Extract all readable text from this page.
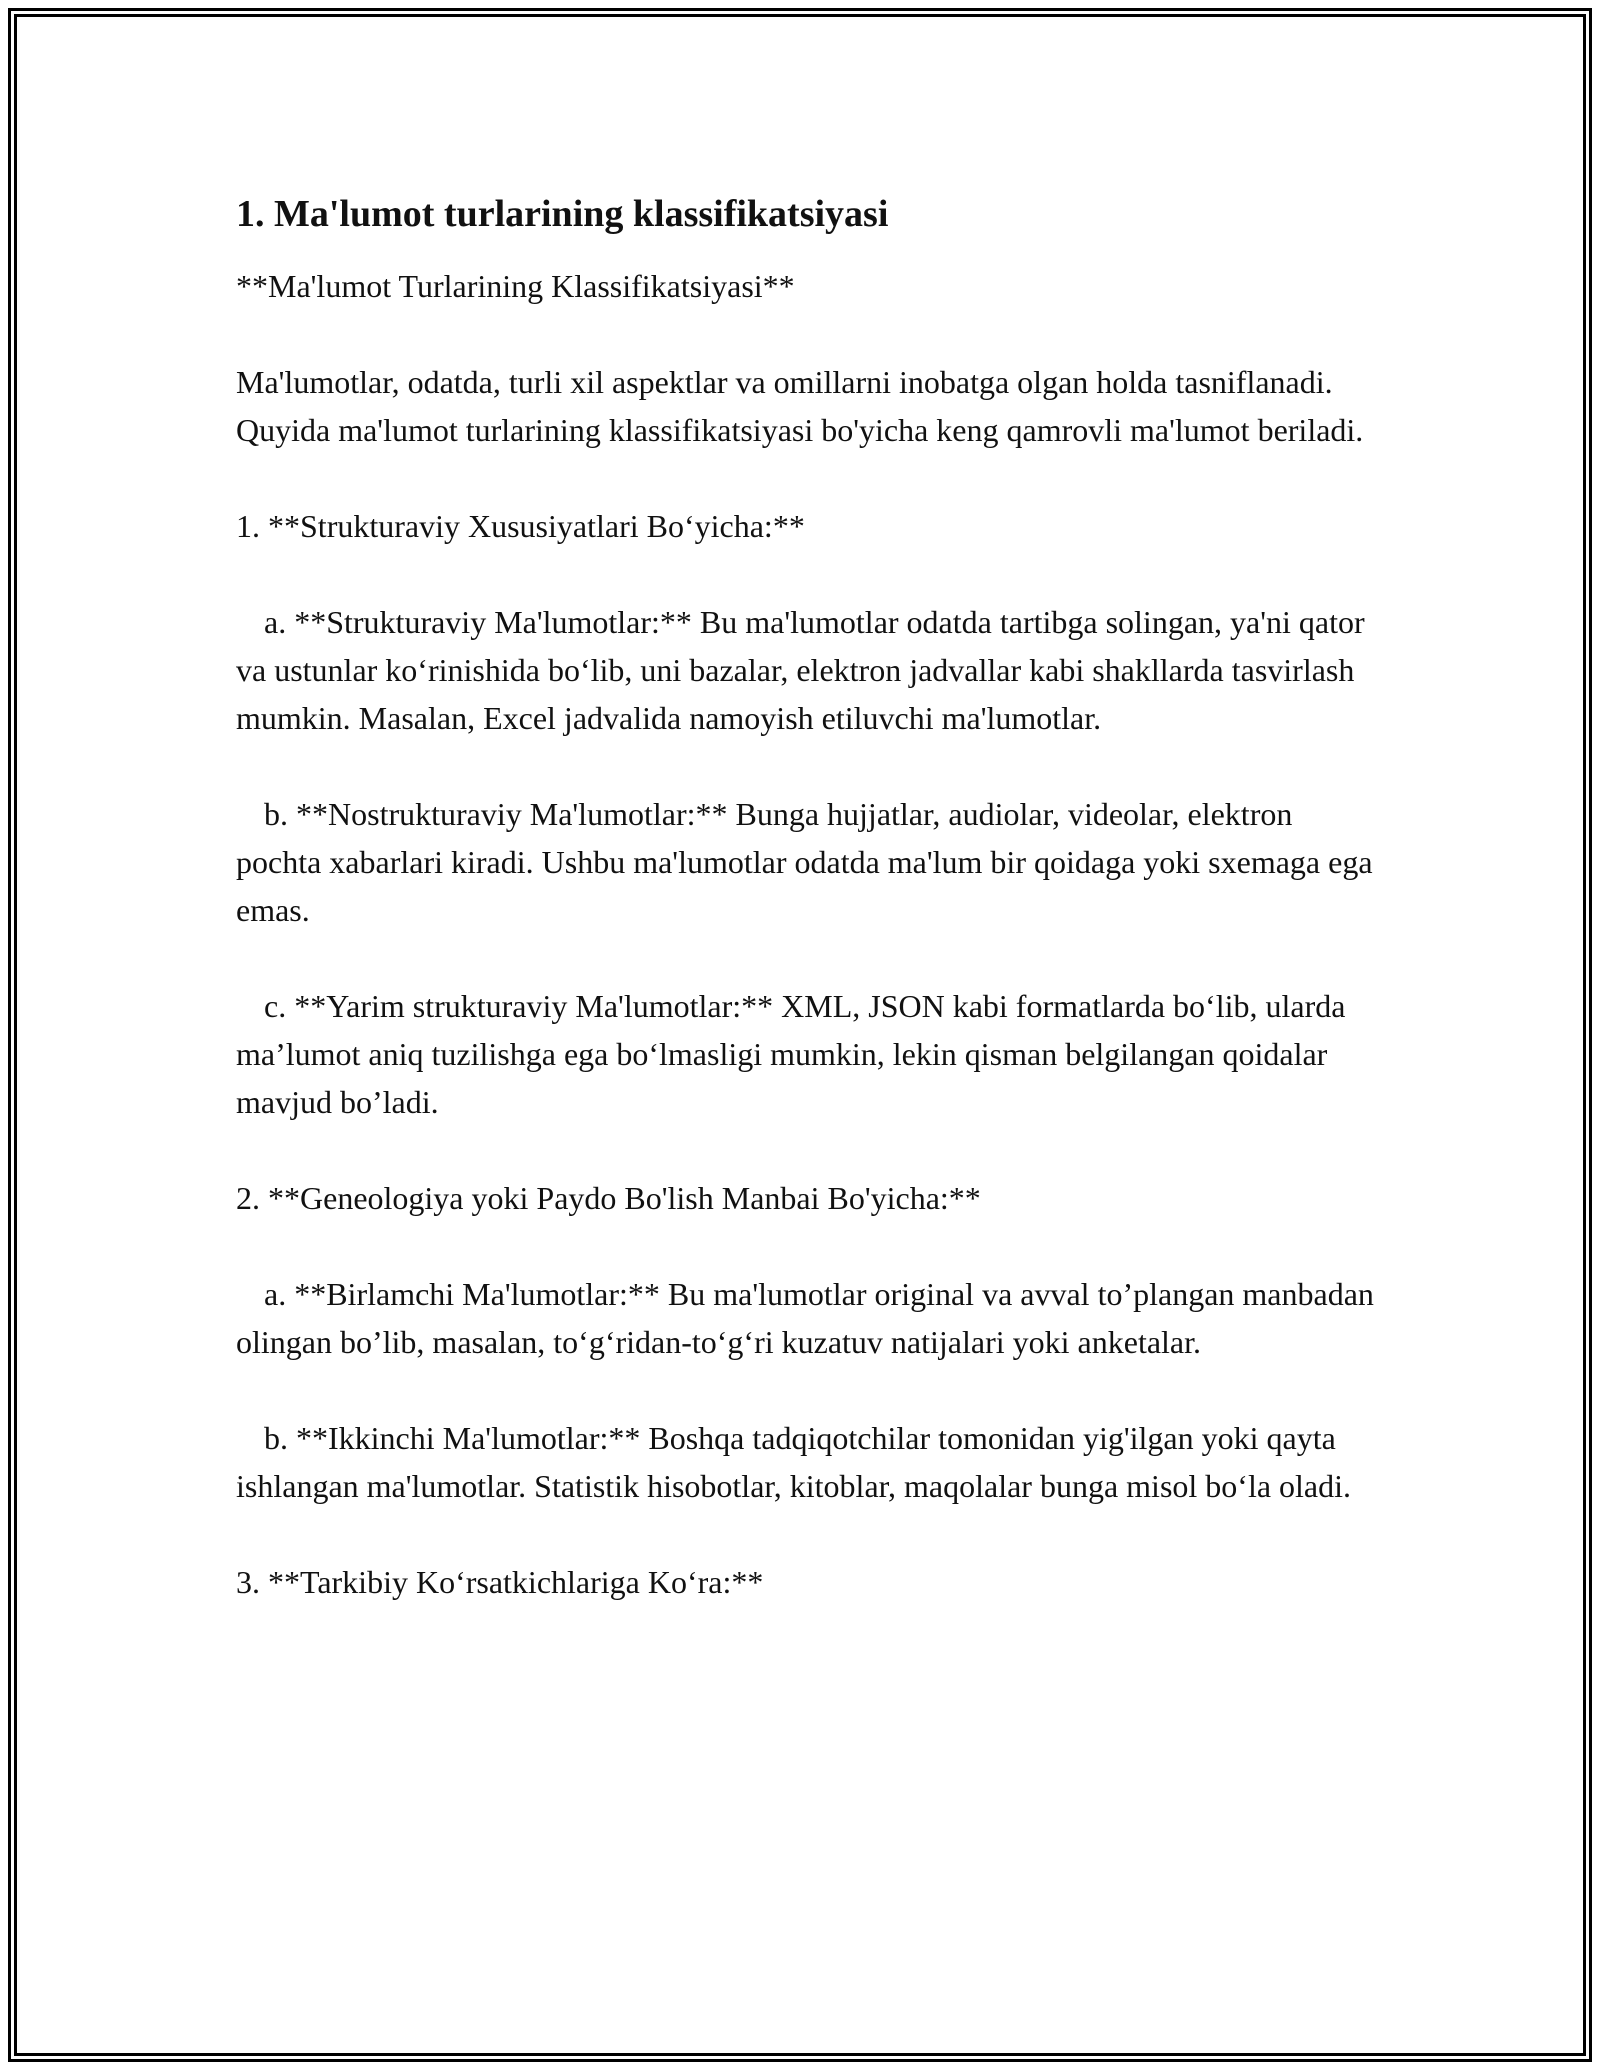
1. Ma'lumot turlarining klassifikatsiyasi

**Ma'lumot Turlarining Klassifikatsiyasi**

Ma'lumotlar, odatda, turli xil aspektlar va omillarni inobatga olgan holda tasniflanadi. Quyida ma'lumot turlarining klassifikatsiyasi bo'yicha keng qamrovli ma'lumot beriladi.

1. **Strukturaviy Xususiyatlari Bo‘yicha:**

a. **Strukturaviy Ma'lumotlar:** Bu ma'lumotlar odatda tartibga solingan, ya'ni qator va ustunlar ko‘rinishida bo‘lib, uni bazalar, elektron jadvallar kabi shakllarda tasvirlash mumkin. Masalan, Excel jadvalida namoyish etiluvchi ma'lumotlar.

b. **Nostrukturaviy Ma'lumotlar:** Bunga hujjatlar, audiolar, videolar, elektron pochta xabarlari kiradi. Ushbu ma'lumotlar odatda ma'lum bir qoidaga yoki sxemaga ega emas.

c. **Yarim strukturaviy Ma'lumotlar:** XML, JSON kabi formatlarda bo‘lib, ularda ma’lumot aniq tuzilishga ega bo‘lmasligi mumkin, lekin qisman belgilangan qoidalar mavjud bo’ladi.

2. **Geneologiya yoki Paydo Bo'lish Manbai Bo'yicha:**

a. **Birlamchi Ma'lumotlar:** Bu ma'lumotlar original va avval to’plangan manbadan olingan bo’lib, masalan, to‘g‘ridan-to‘g‘ri kuzatuv natijalari yoki anketalar.

b. **Ikkinchi Ma'lumotlar:** Boshqa tadqiqotchilar tomonidan yig'ilgan yoki qayta ishlangan ma'lumotlar. Statistik hisobotlar, kitoblar, maqolalar bunga misol bo‘la oladi.

3. **Tarkibiy Ko‘rsatkichlariga Ko‘ra:**
